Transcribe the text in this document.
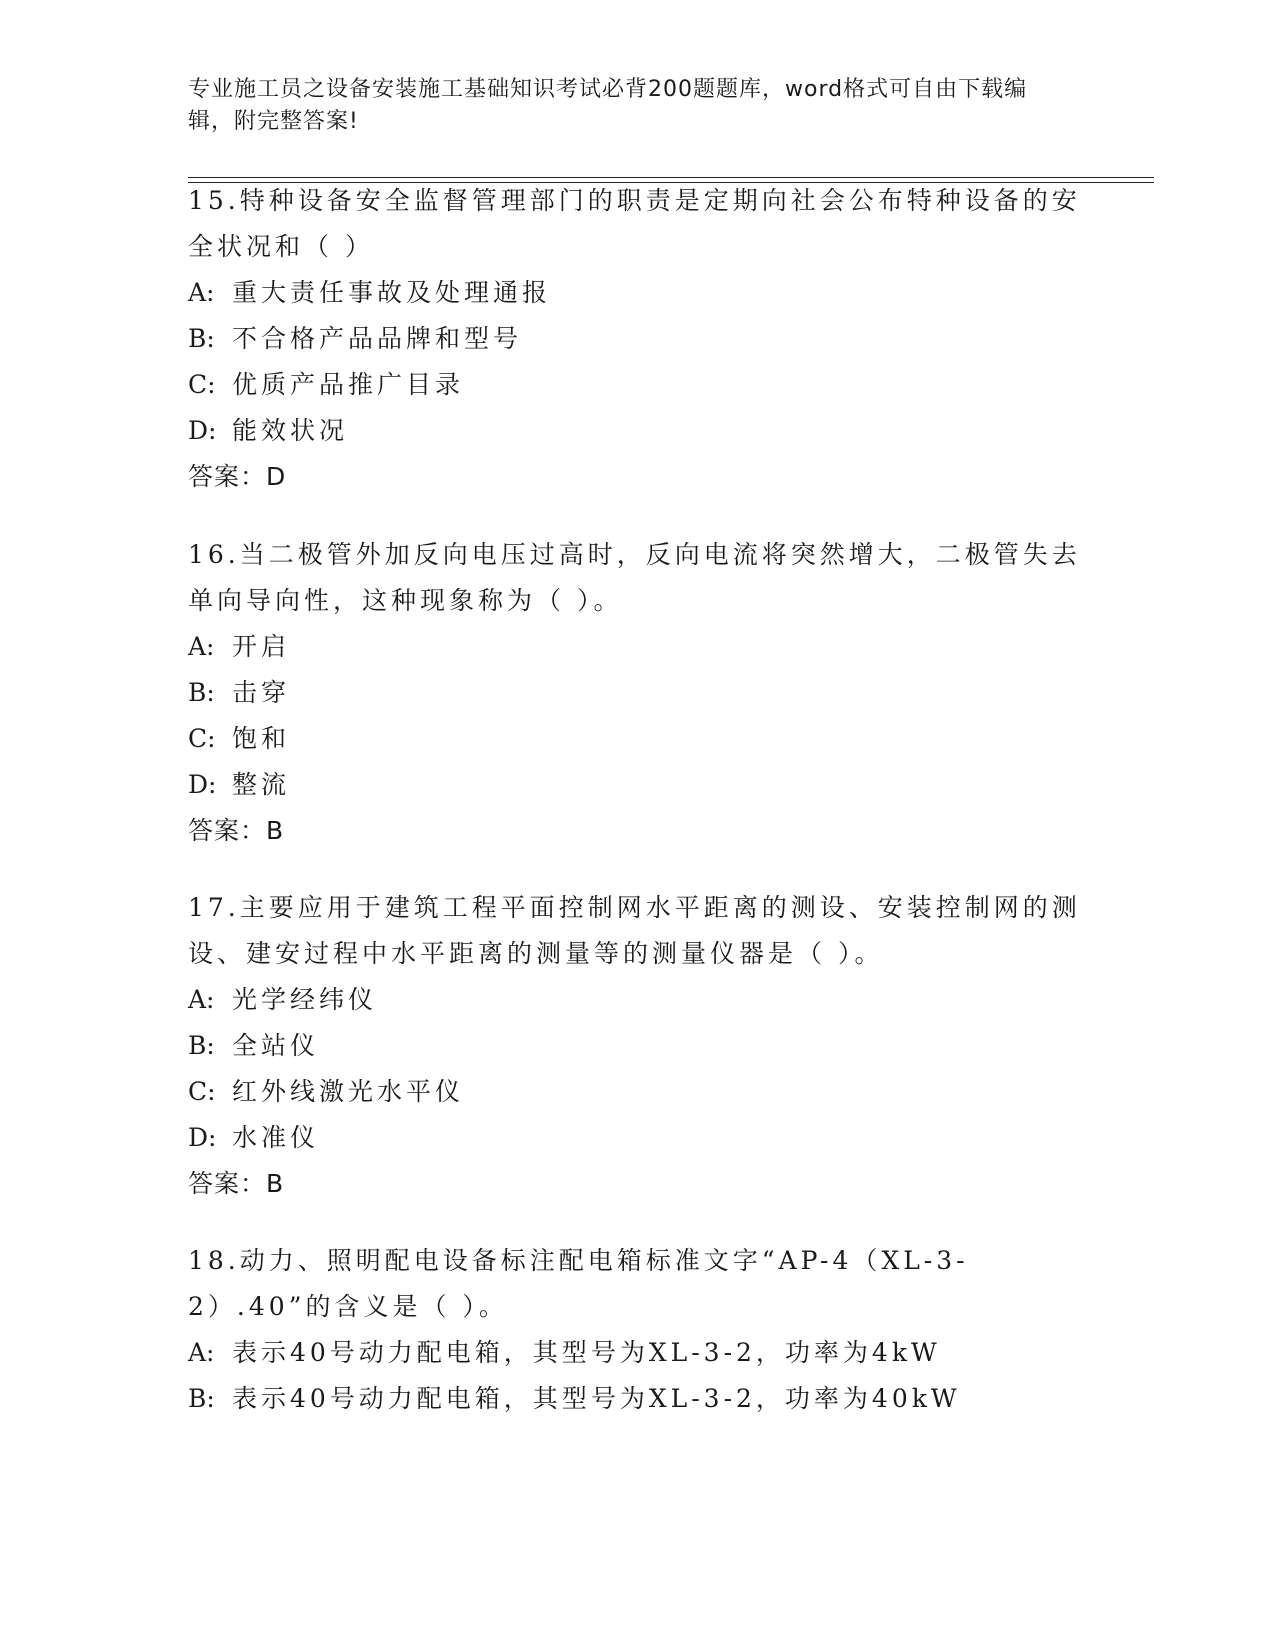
专业施工员之设备安装施工基础知识考试必背200题题库，word格式可自由下载编辑，附完整答案!
15.特种设备安全监督管理部门的职责是定期向社会公布特种设备的安全状况和（ ）
A: 重大责任事故及处理通报
B: 不合格产品品牌和型号
C: 优质产品推广目录
D: 能效状况
答案：D
16.当二极管外加反向电压过高时，反向电流将突然增大，二极管失去单向导向性，这种现象称为（ ）。
A: 开启
B: 击穿
C: 饱和
D: 整流
答案：B
17.主要应用于建筑工程平面控制网水平距离的测设、安装控制网的测设、建安过程中水平距离的测量等的测量仪器是（ ）。
A: 光学经纬仪
B: 全站仪
C: 红外线激光水平仪
D: 水准仪
答案：B
18.动力、照明配电设备标注配电箱标准文字“AP-4（XL-3-2）.40”的含义是（ ）。
A: 表示40号动力配电箱，其型号为XL-3-2，功率为4kW
B: 表示40号动力配电箱，其型号为XL-3-2，功率为40kW
